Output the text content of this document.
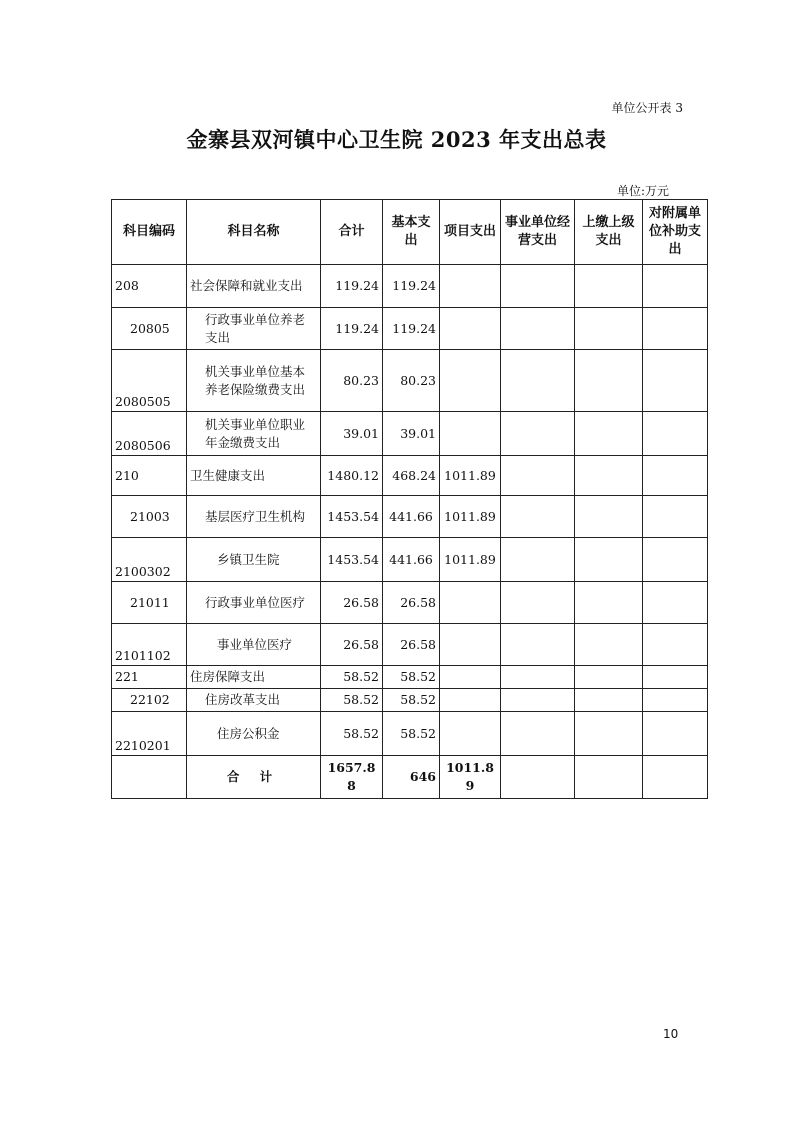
单位公开表 3
金寨县双河镇中心卫生院 2023 年支出总表
单位:万元
科目编码	科目名称	合计	基本支出	项目支出	事业单位经营支出	上缴上级支出	对附属单位补助支出
208	社会保障和就业支出	119.24	119.24				
20805	行政事业单位养老支出	119.24	119.24				
2080505	机关事业单位基本养老保险缴费支出	80.23	80.23				
2080506	机关事业单位职业年金缴费支出	39.01	39.01				
210	卫生健康支出	1480.12	468.24	1011.89			
21003	基层医疗卫生机构	1453.54	441.66	1011.89			
2100302	乡镇卫生院	1453.54	441.66	1011.89			
21011	行政事业单位医疗	26.58	26.58				
2101102	事业单位医疗	26.58	26.58				
221	住房保障支出	58.52	58.52				
22102	住房改革支出	58.52	58.52				
2210201	住房公积金	58.52	58.52				
	合 计	1657.88	646	1011.89			
10
